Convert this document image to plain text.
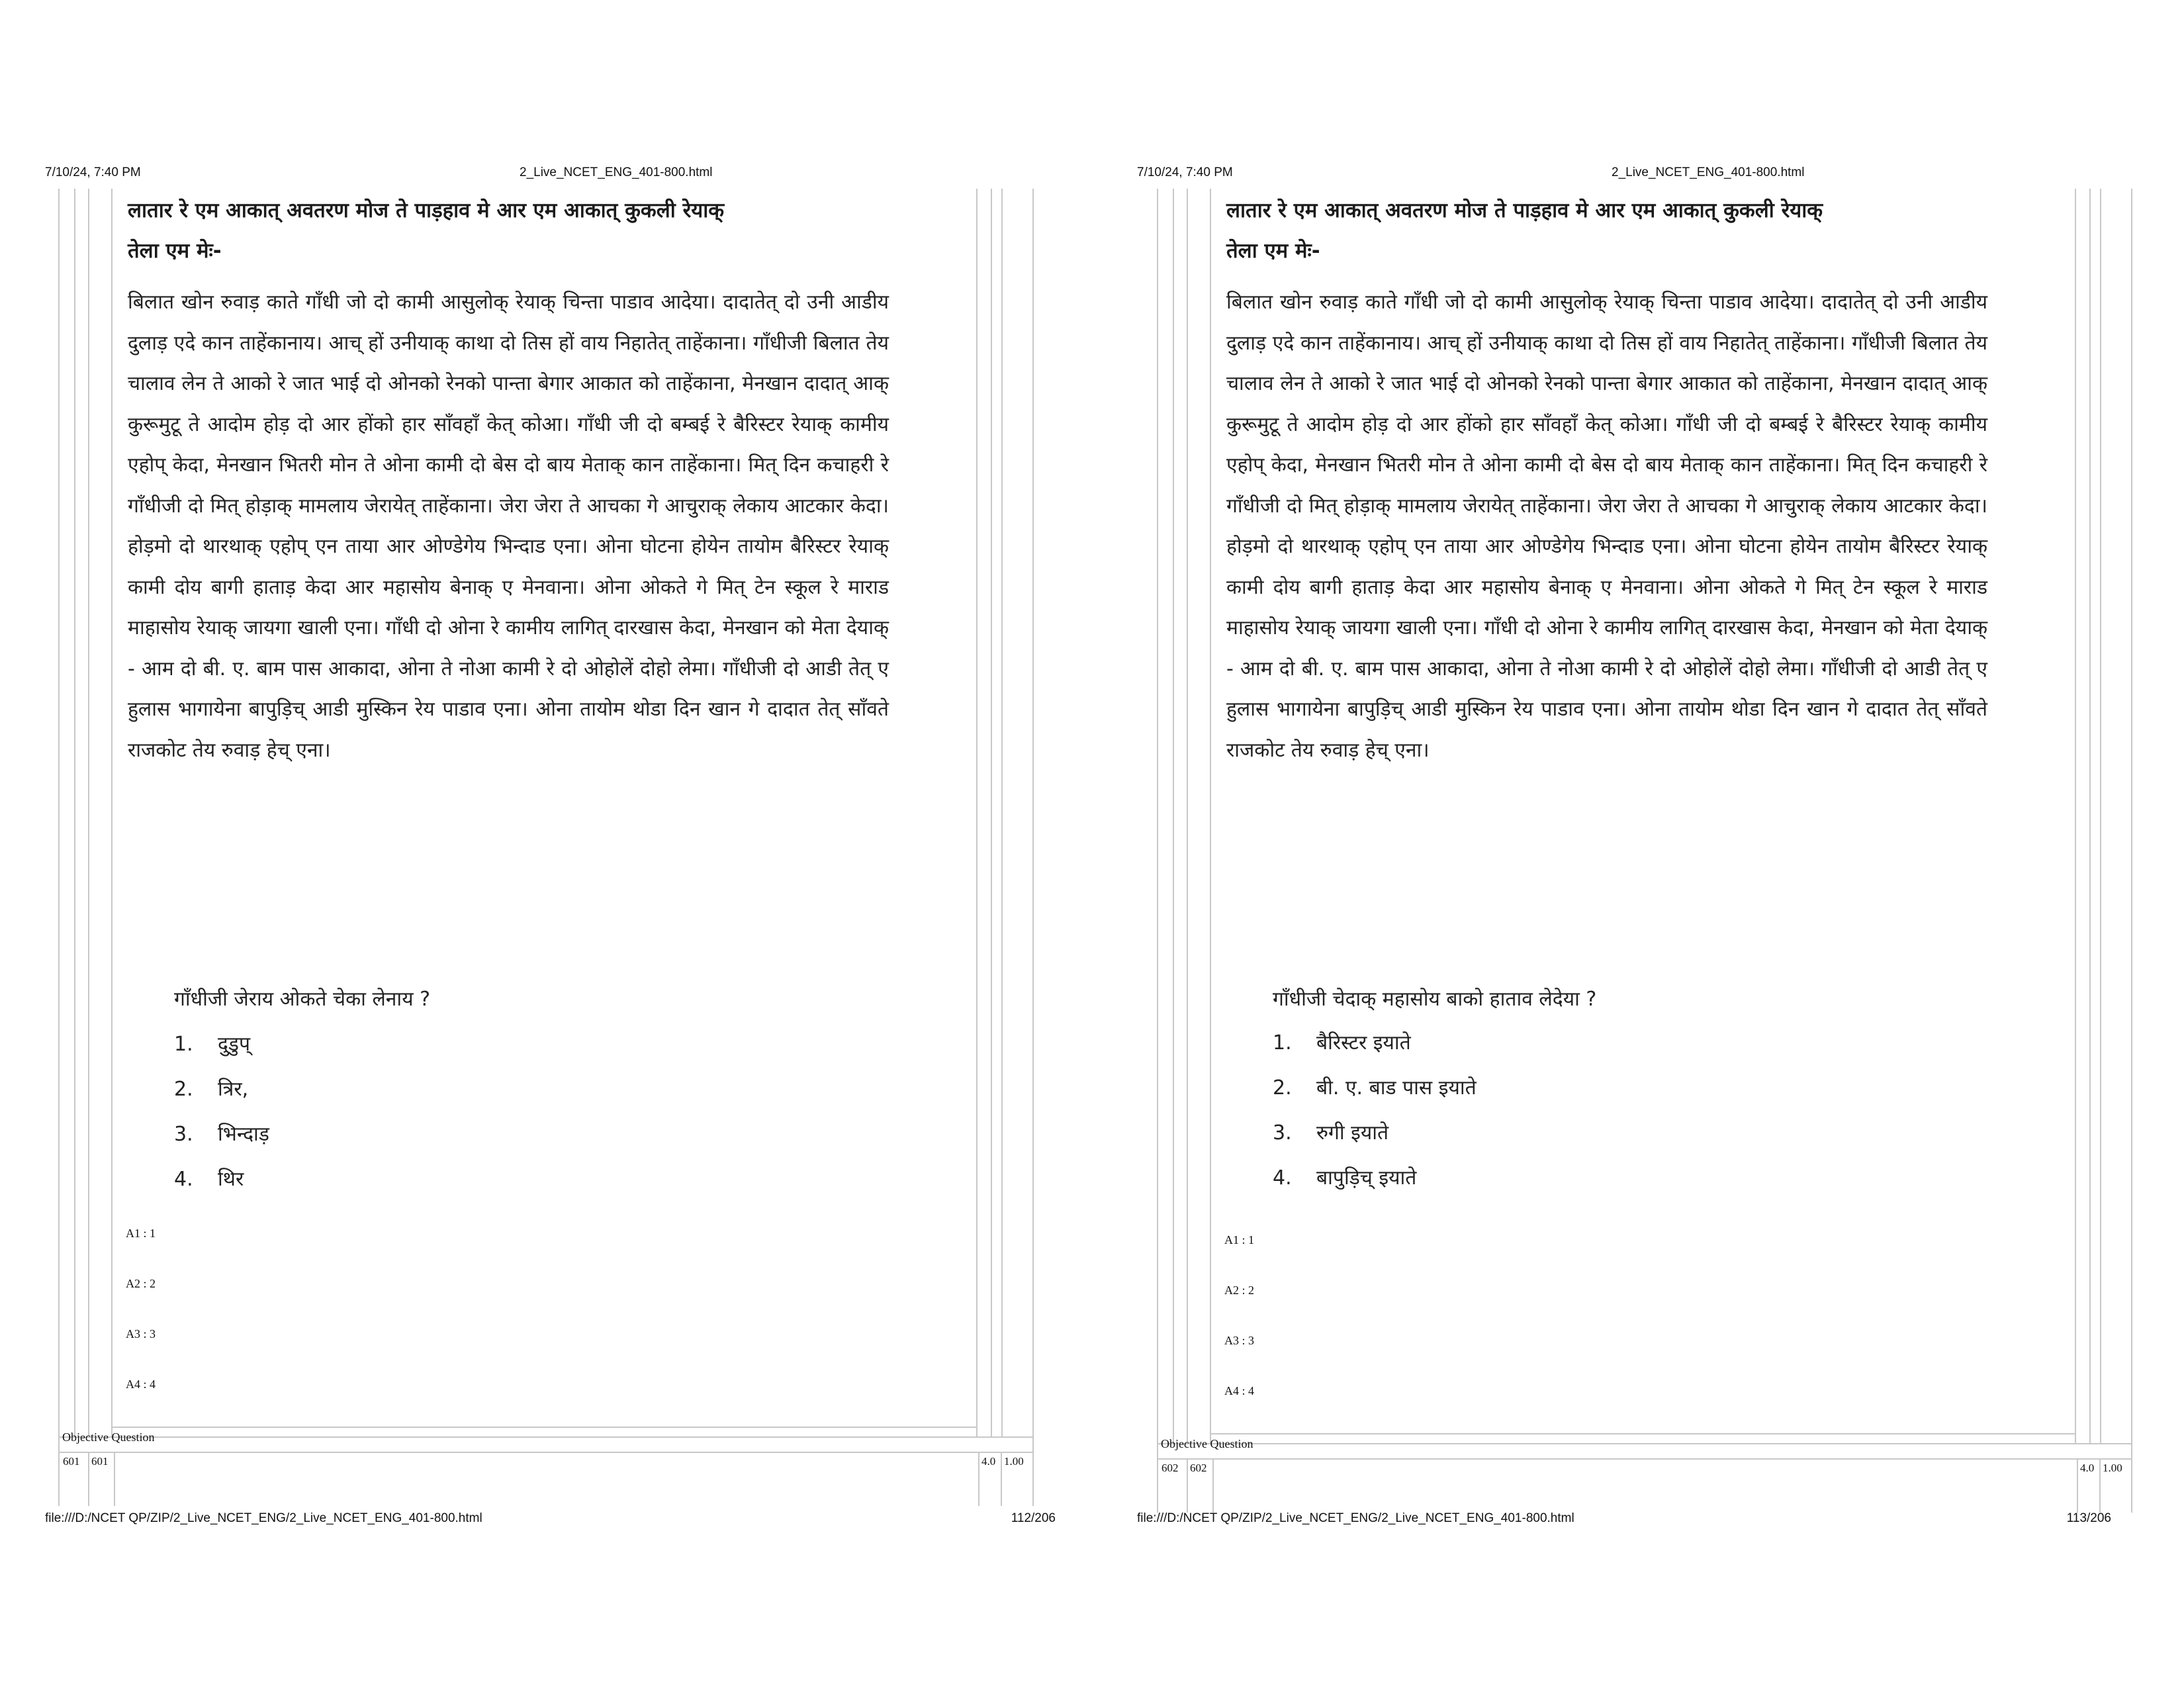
7/10/24, 7:40 PM	2_Live_NCET_ENG_401-800.html
लातार रे एम आकात् अवतरण मोज ते पाड़हाव मे आर एम आकात् कुकली रेयाक्
तेला एम मेः-
बिलात खोन रुवाड़ काते गाँधी जो दो कामी आसुलोक् रेयाक् चिन्ता पाडाव आदेया। दादातेत् दो उनी आडीय दुलाड़ एदे कान ताहेंकानाय। आच् हों उनीयाक् काथा दो तिस हों वाय निहातेत् ताहेंकाना। गाँधीजी बिलात तेय चालाव लेन ते आको रे जात भाई दो ओनको रेनको पान्ता बेगार आकात को ताहेंकाना, मेनखान दादात् आक् कुरूमुटू ते आदोम होड़ दो आर होंको हार साँवहाँ केत् कोआ। गाँधी जी दो बम्बई रे बैरिस्टर रेयाक् कामीय एहोप् केदा, मेनखान भितरी मोन ते ओना कामी दो बेस दो बाय मेताक् कान ताहेंकाना। मित् दिन कचाहरी रे गाँधीजी दो मित् होड़ाक् मामलाय जेरायेत् ताहेंकाना। जेरा जेरा ते आचका गे आचुराक् लेकाय आटकार केदा। होड़मो दो थारथाक् एहोप् एन ताया आर ओण्डेगेय भिन्दाड एना। ओना घोटना होयेन तायोम बैरिस्टर रेयाक् कामी दोय बागी हाताड़ केदा आर महासोय बेनाक् ए मेनवाना। ओना ओकते गे मित् टेन स्कूल रे माराड माहासोय रेयाक् जायगा खाली एना। गाँधी दो ओना रे कामीय लागित् दारखास केदा, मेनखान को मेता देयाक् - आम दो बी. ए. बाम पास आकादा, ओना ते नोआ कामी रे दो ओहोलें दोहो लेमा। गाँधीजी दो आडी तेत् ए हुलास भागायेना बापुड़िच् आडी मुस्किन रेय पाडाव एना। ओना तायोम थोडा दिन खान गे दादात तेत् साँवते राजकोट तेय रुवाड़ हेच् एना।
गाँधीजी जेराय ओकते चेका लेनाय ?
1. दुडुप्
2. त्रिर,
3. भिन्दाड़
4. थिर
A1 : 1
A2 : 2
A3 : 3
A4 : 4
Objective Question
601 601	4.0 1.00
file:///D:/NCET QP/ZIP/2_Live_NCET_ENG/2_Live_NCET_ENG_401-800.html	112/206
7/10/24, 7:40 PM	2_Live_NCET_ENG_401-800.html
लातार रे एम आकात् अवतरण मोज ते पाड़हाव मे आर एम आकात् कुकली रेयाक्
तेला एम मेः-
बिलात खोन रुवाड़ काते गाँधी जो दो कामी आसुलोक् रेयाक् चिन्ता पाडाव आदेया। दादातेत् दो उनी आडीय दुलाड़ एदे कान ताहेंकानाय। आच् हों उनीयाक् काथा दो तिस हों वाय निहातेत् ताहेंकाना। गाँधीजी बिलात तेय चालाव लेन ते आको रे जात भाई दो ओनको रेनको पान्ता बेगार आकात को ताहेंकाना, मेनखान दादात् आक् कुरूमुटू ते आदोम होड़ दो आर होंको हार साँवहाँ केत् कोआ। गाँधी जी दो बम्बई रे बैरिस्टर रेयाक् कामीय एहोप् केदा, मेनखान भितरी मोन ते ओना कामी दो बेस दो बाय मेताक् कान ताहेंकाना। मित् दिन कचाहरी रे गाँधीजी दो मित् होड़ाक् मामलाय जेरायेत् ताहेंकाना। जेरा जेरा ते आचका गे आचुराक् लेकाय आटकार केदा। होड़मो दो थारथाक् एहोप् एन ताया आर ओण्डेगेय भिन्दाड एना। ओना घोटना होयेन तायोम बैरिस्टर रेयाक् कामी दोय बागी हाताड़ केदा आर महासोय बेनाक् ए मेनवाना। ओना ओकते गे मित् टेन स्कूल रे माराड माहासोय रेयाक् जायगा खाली एना। गाँधी दो ओना रे कामीय लागित् दारखास केदा, मेनखान को मेता देयाक् - आम दो बी. ए. बाम पास आकादा, ओना ते नोआ कामी रे दो ओहोलें दोहो लेमा। गाँधीजी दो आडी तेत् ए हुलास भागायेना बापुड़िच् आडी मुस्किन रेय पाडाव एना। ओना तायोम थोडा दिन खान गे दादात तेत् साँवते राजकोट तेय रुवाड़ हेच् एना।
गाँधीजी चेदाक् महासोय बाको हाताव लेदेया ?
1. बैरिस्टर इयाते
2. बी. ए. बाड पास इयाते
3. रुगी इयाते
4. बापुड़िच् इयाते
A1 : 1
A2 : 2
A3 : 3
A4 : 4
Objective Question
602 602	4.0 1.00
file:///D:/NCET QP/ZIP/2_Live_NCET_ENG/2_Live_NCET_ENG_401-800.html	113/206
